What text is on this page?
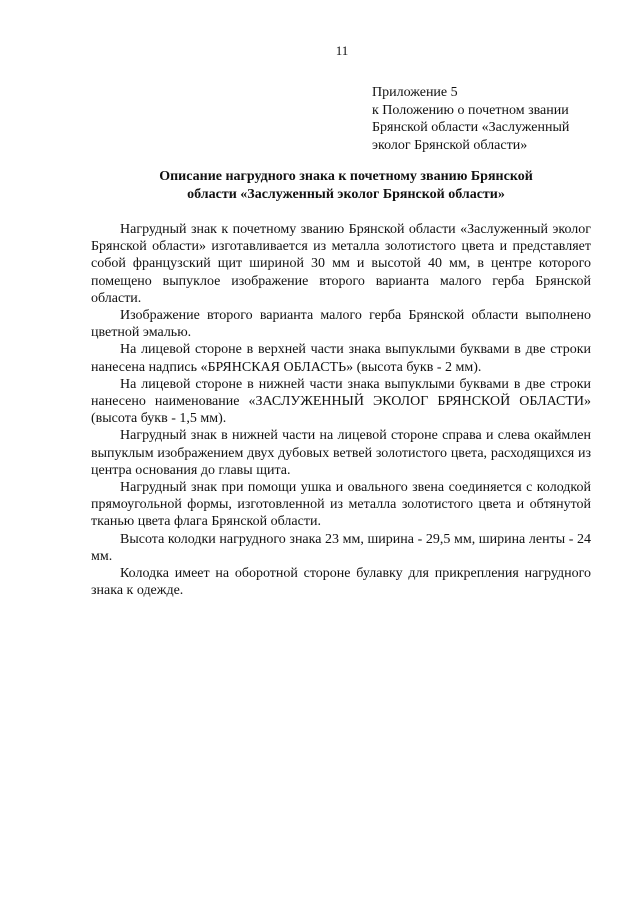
11
Приложение 5
к Положению о почетном звании
Брянской области «Заслуженный
эколог Брянской области»
Описание нагрудного знака к почетному званию Брянской
области «Заслуженный эколог Брянской области»

Нагрудный знак к почетному званию Брянской области «Заслуженный эколог Брянской области» изготавливается из металла золотистого цвета и представляет собой французский щит шириной 30 мм и высотой 40 мм, в центре которого помещено выпуклое изображение второго варианта малого герба Брянской области.

Изображение второго варианта малого герба Брянской области выполнено цветной эмалью.

На лицевой стороне в верхней части знака выпуклыми буквами в две строки нанесена надпись «БРЯНСКАЯ ОБЛАСТЬ» (высота букв - 2 мм).

На лицевой стороне в нижней части знака выпуклыми буквами в две строки нанесено наименование «ЗАСЛУЖЕННЫЙ ЭКОЛОГ БРЯНСКОЙ ОБЛАСТИ» (высота букв - 1,5 мм).

Нагрудный знак в нижней части на лицевой стороне справа и слева окаймлен выпуклым изображением двух дубовых ветвей золотистого цвета, расходящихся из центра основания до главы щита.

Нагрудный знак при помощи ушка и овального звена соединяется с колодкой прямоугольной формы, изготовленной из металла золотистого цвета и обтянутой тканью цвета флага Брянской области.

Высота колодки нагрудного знака 23 мм, ширина - 29,5 мм, ширина ленты - 24 мм.

Колодка имеет на оборотной стороне булавку для прикрепления нагрудного знака к одежде.
